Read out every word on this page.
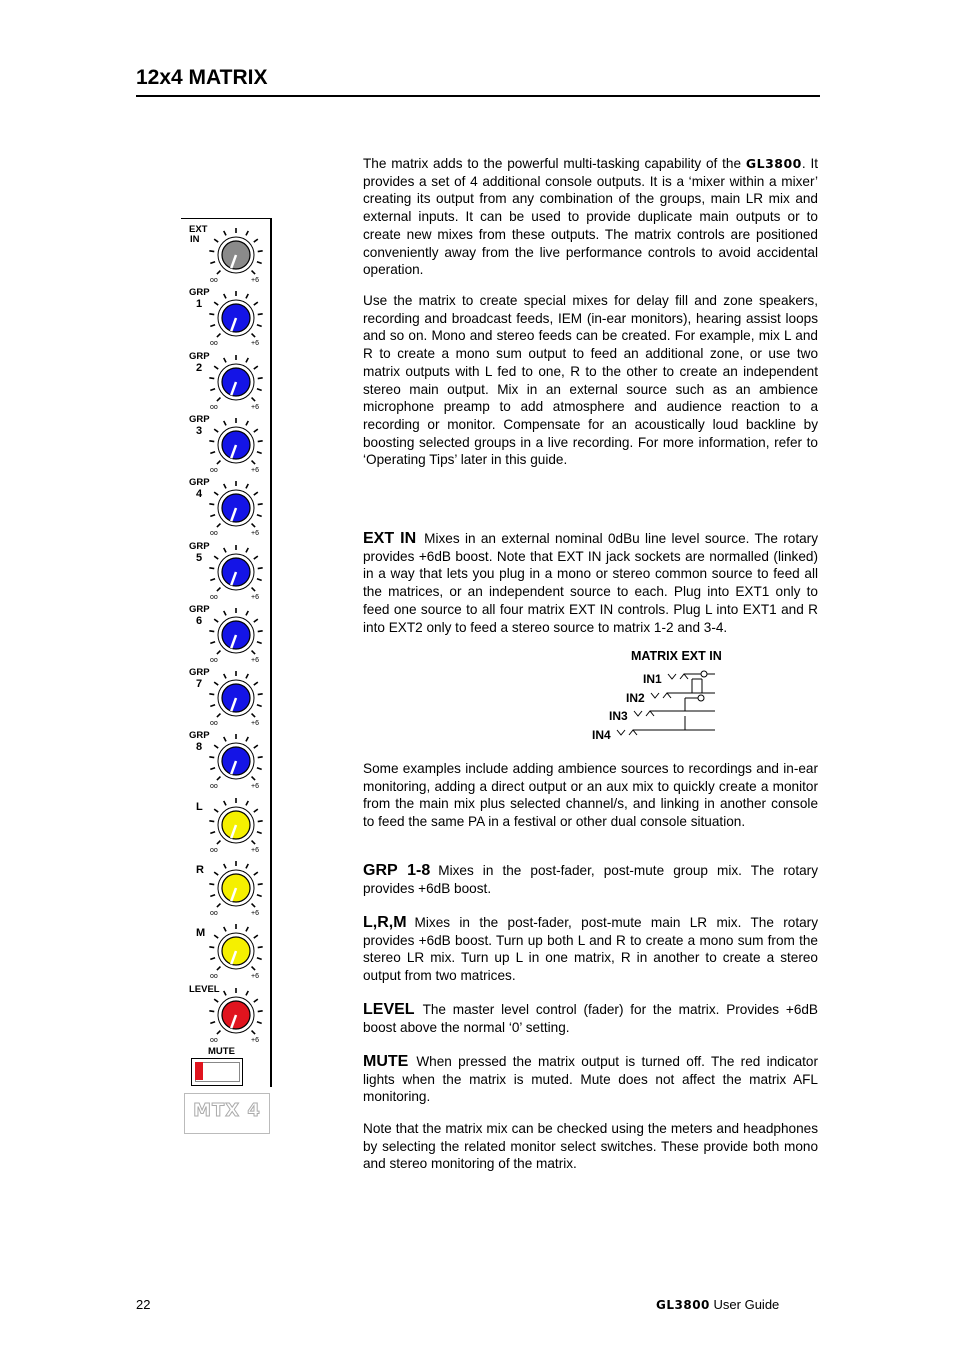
12x4 MATRIX
EXT
IN
oo	+6
GRP
1
oo	+6
GRP
2
oo	+6
GRP
3
oo	+6
GRP
4
oo	+6
GRP
5
oo	+6
GRP
6
oo	+6
GRP
7
oo	+6
GRP
8
oo	+6
L
oo	+6
R
oo	+6
M
oo	+6
LEVEL
oo	+6
MUTE
MTX 4

The matrix adds to the powerful multi-tasking capability of the GL3800. It provides a set of 4 additional console outputs. It is a ‘mixer within a mixer’ creating its output from any combination of the groups, main LR mix and external inputs. It can be used to provide duplicate main outputs or to create new mixes from these outputs. The matrix controls are positioned conveniently away from the live performance controls to avoid accidental operation.

Use the matrix to create special mixes for delay fill and zone speakers, recording and broadcast feeds, IEM (in-ear monitors), hearing assist loops and so on. Mono and stereo feeds can be created. For example, mix L and R to create a mono sum output to feed an additional zone, or use two matrix outputs with L fed to one, R to the other to create an independent stereo main output. Mix in an external source such as an ambience microphone preamp to add atmosphere and audience reaction to a recording or monitor. Compensate for an acoustically loud backline by boosting selected groups in a live recording. For more information, refer to ‘Operating Tips’ later in this guide.

EXT IN Mixes in an external nominal 0dBu line level source. The rotary provides +6dB boost. Note that EXT IN jack sockets are normalled (linked) in a way that lets you plug in a mono or stereo common source to feed all the matrices, or an independent source to each. Plug into EXT1 only to feed one source to all four matrix EXT IN controls. Plug L into EXT1 and R into EXT2 only to feed a stereo source to matrix 1-2 and 3-4.

MATRIX EXT IN
IN1
IN2
IN3
IN4
Some examples include adding ambience sources to recordings and in-ear monitoring, adding a direct output or an aux mix to quickly create a monitor from the main mix plus selected channel/s, and linking in another console to feed the same PA in a festival or other dual console situation.

GRP 1-8 Mixes in the post-fader, post-mute group mix. The rotary provides +6dB boost.

L,R,M Mixes in the post-fader, post-mute main LR mix. The rotary provides +6dB boost. Turn up both L and R to create a mono sum from the stereo LR mix. Turn up L in one matrix, R in another to create a stereo output from two matrices.

LEVEL The master level control (fader) for the matrix. Provides +6dB boost above the normal ‘0’ setting.

MUTE When pressed the matrix output is turned off. The red indicator lights when the matrix is muted. Mute does not affect the matrix AFL monitoring.

Note that the matrix mix can be checked using the meters and headphones by selecting the related monitor select switches. These provide both mono and stereo monitoring of the matrix.
22	GL3800 User Guide
